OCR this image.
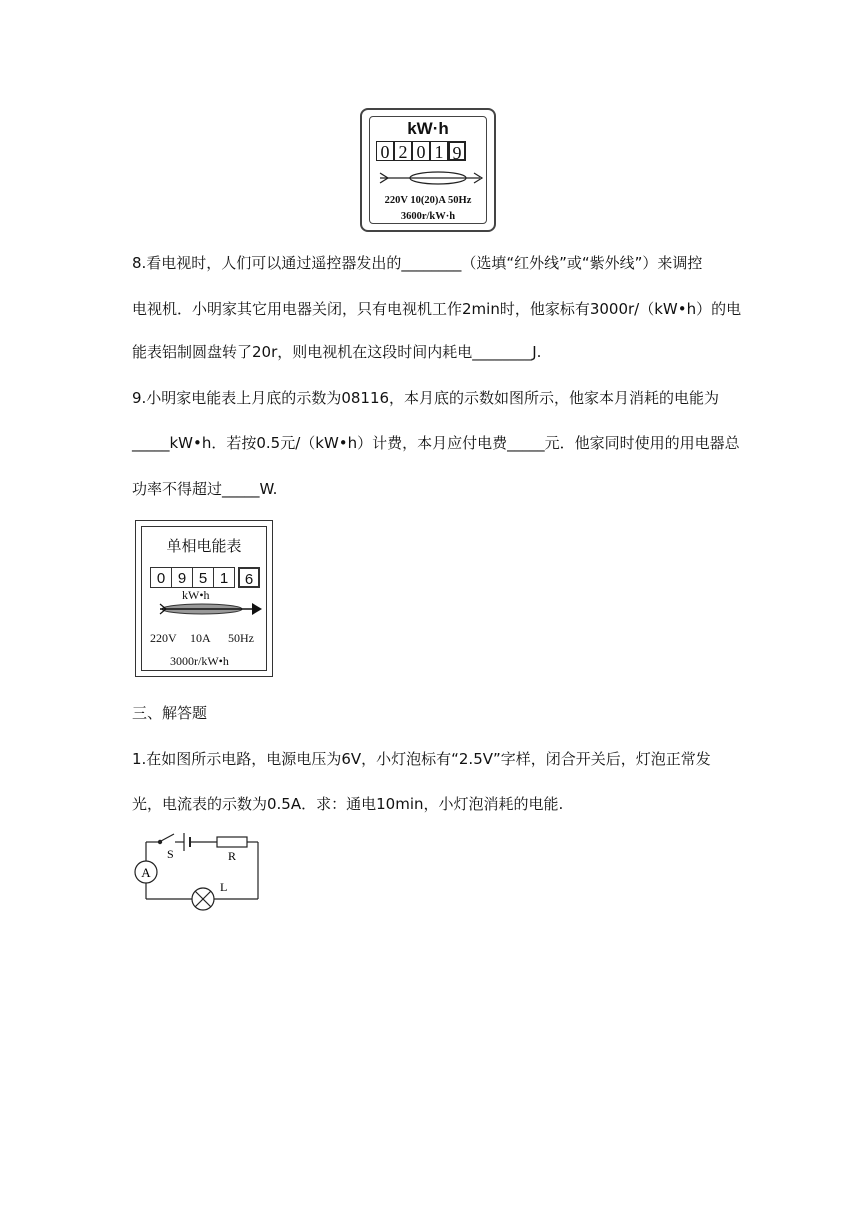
kW·h
0 2 0 1 9
220V 10(20)A 50Hz
3600r/kW·h
8.看电视时，人们可以通过遥控器发出的________（选填“红外线”或“紫外线”）来调控
电视机．小明家其它用电器关闭，只有电视机工作2min时，他家标有3000r/（kW•h）的电
能表铝制圆盘转了20r，则电视机在这段时间内耗电________J.
9.小明家电能表上月底的示数为08116，本月底的示数如图所示，他家本月消耗的电能为
_____kW•h．若按0.5元/（kW•h）计费，本月应付电费_____元．他家同时使用的用电器总
功率不得超过_____W.
单相电能表
0 9 5 1	6
kW•h
220V 10A 50Hz
3000r/kW•h
三、解答题
1.在如图所示电路，电源电压为6V，小灯泡标有“2.5V”字样，闭合开关后，灯泡正常发
光，电流表的示数为0.5A．求：通电10min，小灯泡消耗的电能.
A
S	R
L
